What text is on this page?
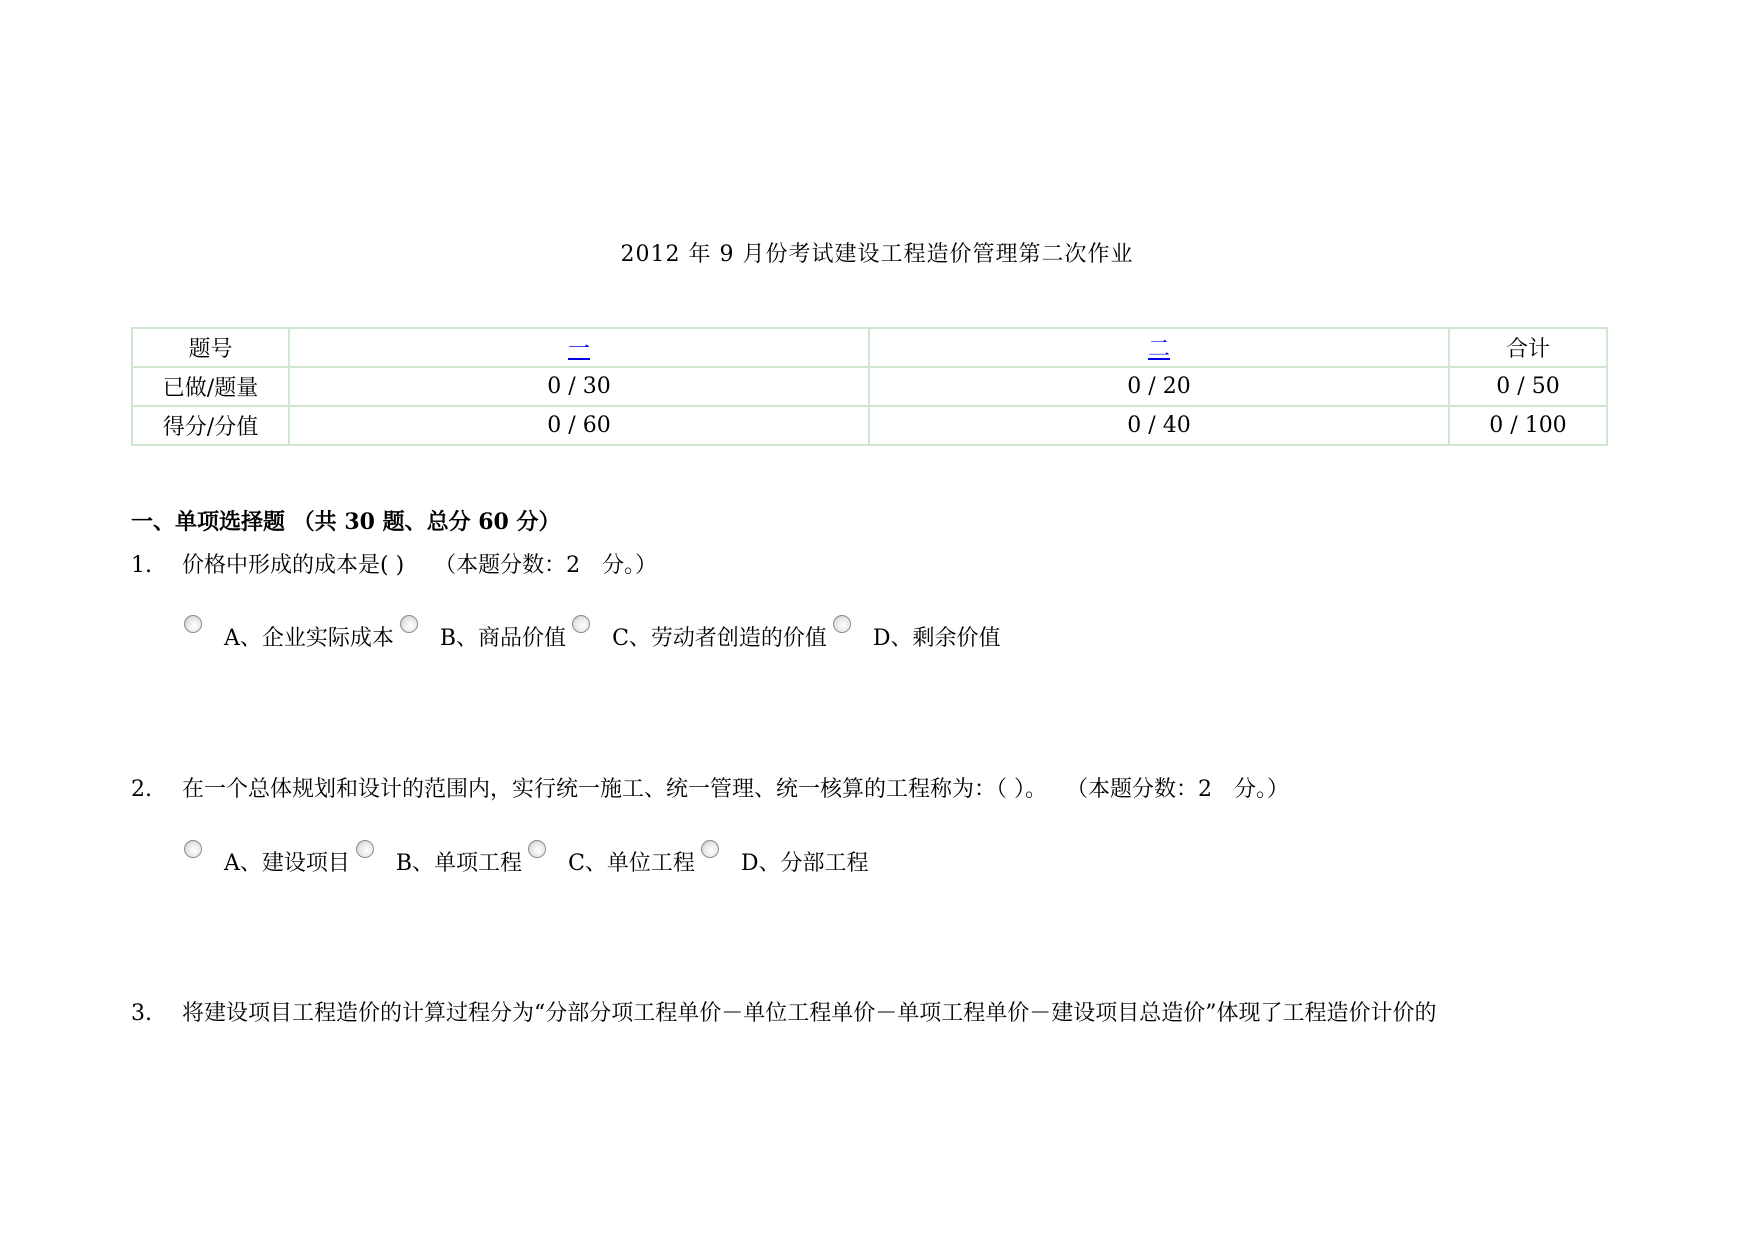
2012 年 9 月份考试建设工程造价管理第二次作业
题号	一	二	合计
已做/题量	0 / 30	0 / 20	0 / 50
得分/分值	0 / 60	0 / 40	0 / 100
一、单项选择题 （共 30 题、总分 60 分）
1. 价格中形成的成本是( ) （本题分数：2　分。）
A、企业实际成本 B、商品价值 C、劳动者创造的价值 D、剩余价值
2. 在一个总体规划和设计的范围内，实行统一施工、统一管理、统一核算的工程称为：（ ）。 （本题分数：2　分。）
A、建设项目 B、单项工程 C、单位工程 D、分部工程
3. 将建设项目工程造价的计算过程分为“分部分项工程单价－单位工程单价－单项工程单价－建设项目总造价”体现了工程造价计价的
